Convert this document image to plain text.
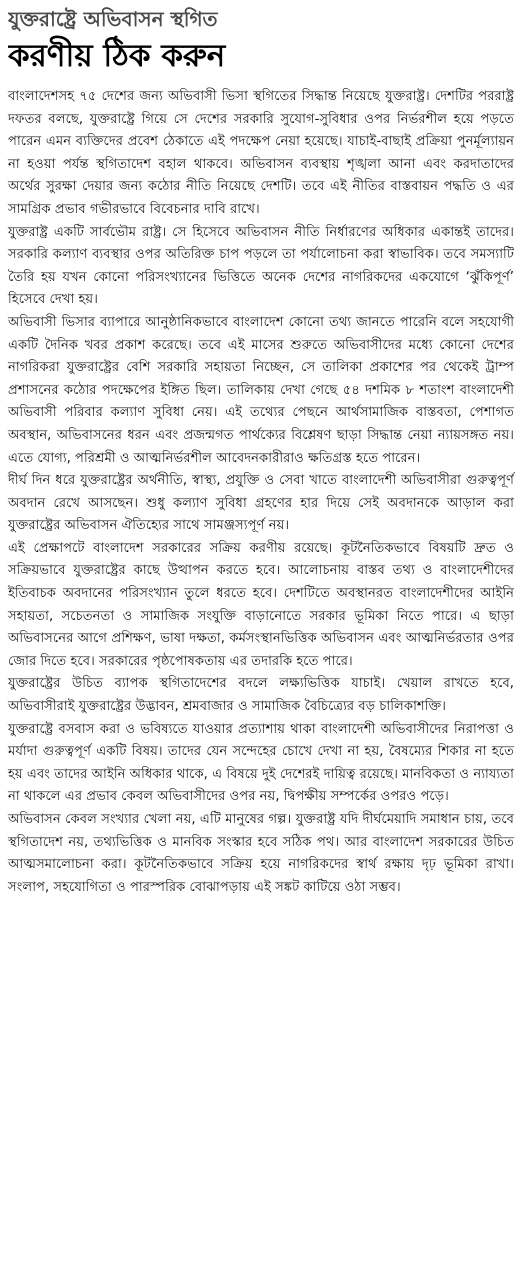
যুক্তরাষ্ট্রে অভিবাসন স্থগিত
করণীয় ঠিক করুন

বাংলাদেশসহ ৭৫ দেশের জন্য অভিবাসী ভিসা স্থগিতের সিদ্ধান্ত নিয়েছে যুক্তরাষ্ট্র। দেশটির পররাষ্ট্র দফতর বলছে, যুক্তরাষ্ট্রে গিয়ে সে দেশের সরকারি সুযোগ-সুবিধার ওপর নির্ভরশীল হয়ে পড়তে পারেন এমন ব্যক্তিদের প্রবেশ ঠেকাতে এই পদক্ষেপ নেয়া হয়েছে। যাচাই-বাছাই প্রক্রিয়া পুনর্মূল্যায়ন না হওয়া পর্যন্ত স্থগিতাদেশ বহাল থাকবে। অভিবাসন ব্যবস্থায় শৃঙ্খলা আনা এবং করদাতাদের অর্থের সুরক্ষা দেয়ার জন্য কঠোর নীতি নিয়েছে দেশটি। তবে এই নীতির বাস্তবায়ন পদ্ধতি ও এর সামগ্রিক প্রভাব গভীরভাবে বিবেচনার দাবি রাখে।

যুক্তরাষ্ট্র একটি সার্বভৌম রাষ্ট্র। সে হিসেবে অভিবাসন নীতি নির্ধারণের অধিকার একান্তই তাদের। সরকারি কল্যাণ ব্যবস্থার ওপর অতিরিক্ত চাপ পড়লে তা পর্যালোচনা করা স্বাভাবিক। তবে সমস্যাটি তৈরি হয় যখন কোনো পরিসংখ্যানের ভিত্তিতে অনেক দেশের নাগরিকদের একযোগে ‘ঝুঁকিপূর্ণ’ হিসেবে দেখা হয়।

অভিবাসী ভিসার ব্যাপারে আনুষ্ঠানিকভাবে বাংলাদেশ কোনো তথ্য জানতে পারেনি বলে সহযোগী একটি দৈনিক খবর প্রকাশ করেছে। তবে এই মাসের শুরুতে অভিবাসীদের মধ্যে কোনো দেশের নাগরিকরা যুক্তরাষ্ট্রের বেশি সরকারি সহায়তা নিচ্ছেন, সে তালিকা প্রকাশের পর থেকেই ট্রাম্প প্রশাসনের কঠোর পদক্ষেপের ইঙ্গিত ছিল। তালিকায় দেখা গেছে ৫৪ দশমিক ৮ শতাংশ বাংলাদেশী অভিবাসী পরিবার কল্যাণ সুবিধা নেয়। এই তথ্যের পেছনে আর্থসামাজিক বাস্তবতা, পেশাগত অবস্থান, অভিবাসনের ধরন এবং প্রজন্মগত পার্থক্যের বিশ্লেষণ ছাড়া সিদ্ধান্ত নেয়া ন্যায়সঙ্গত নয়। এতে যোগ্য, পরিশ্রমী ও আত্মনির্ভরশীল আবেদনকারীরাও ক্ষতিগ্রস্ত হতে পারেন।

দীর্ঘ দিন ধরে যুক্তরাষ্ট্রের অর্থনীতি, স্বাস্থ্য, প্রযুক্তি ও সেবা খাতে বাংলাদেশী অভিবাসীরা গুরুত্বপূর্ণ অবদান রেখে আসছেন। শুধু কল্যাণ সুবিধা গ্রহণের হার দিয়ে সেই অবদানকে আড়াল করা যুক্তরাষ্ট্রের অভিবাসন ঐতিহ্যের সাথে সামঞ্জস্যপূর্ণ নয়।

এই প্রেক্ষাপটে বাংলাদেশ সরকারের সক্রিয় করণীয় রয়েছে। কূটনৈতিকভাবে বিষয়টি দ্রুত ও সক্রিয়ভাবে যুক্তরাষ্ট্রের কাছে উত্থাপন করতে হবে। আলোচনায় বাস্তব তথ্য ও বাংলাদেশীদের ইতিবাচক অবদানের পরিসংখ্যান তুলে ধরতে হবে। দেশটিতে অবস্থানরত বাংলাদেশীদের আইনি সহায়তা, সচেতনতা ও সামাজিক সংযুক্তি বাড়ানোতে সরকার ভূমিকা নিতে পারে। এ ছাড়া অভিবাসনের আগে প্রশিক্ষণ, ভাষা দক্ষতা, কর্মসংস্থানভিত্তিক অভিবাসন এবং আত্মনির্ভরতার ওপর জোর দিতে হবে। সরকারের পৃষ্ঠপোষকতায় এর তদারকি হতে পারে।

যুক্তরাষ্ট্রের উচিত ব্যাপক স্থগিতাদেশের বদলে লক্ষ্যভিত্তিক যাচাই। খেয়াল রাখতে হবে, অভিবাসীরাই যুক্তরাষ্ট্রের উদ্ভাবন, শ্রমবাজার ও সামাজিক বৈচিত্র্যের বড় চালিকাশক্তি।

যুক্তরাষ্ট্রে বসবাস করা ও ভবিষ্যতে যাওয়ার প্রত্যাশায় থাকা বাংলাদেশী অভিবাসীদের নিরাপত্তা ও মর্যাদা গুরুত্বপূর্ণ একটি বিষয়। তাদের যেন সন্দেহের চোখে দেখা না হয়, বৈষম্যের শিকার না হতে হয় এবং তাদের আইনি অধিকার থাকে, এ বিষয়ে দুই দেশেরই দায়িত্ব রয়েছে। মানবিকতা ও ন্যায্যতা না থাকলে এর প্রভাব কেবল অভিবাসীদের ওপর নয়, দ্বিপক্ষীয় সম্পর্কের ওপরও পড়ে।

অভিবাসন কেবল সংখ্যার খেলা নয়, এটি মানুষের গল্প। যুক্তরাষ্ট্র যদি দীর্ঘমেয়াদি সমাধান চায়, তবে স্থগিতাদেশ নয়, তথ্যভিত্তিক ও মানবিক সংস্কার হবে সঠিক পথ। আর বাংলাদেশ সরকারের উচিত আত্মসমালোচনা করা। কূটনৈতিকভাবে সক্রিয় হয়ে নাগরিকদের স্বার্থ রক্ষায় দৃঢ় ভূমিকা রাখা। সংলাপ, সহযোগিতা ও পারস্পরিক বোঝাপড়ায় এই সঙ্কট কাটিয়ে ওঠা সম্ভব।
